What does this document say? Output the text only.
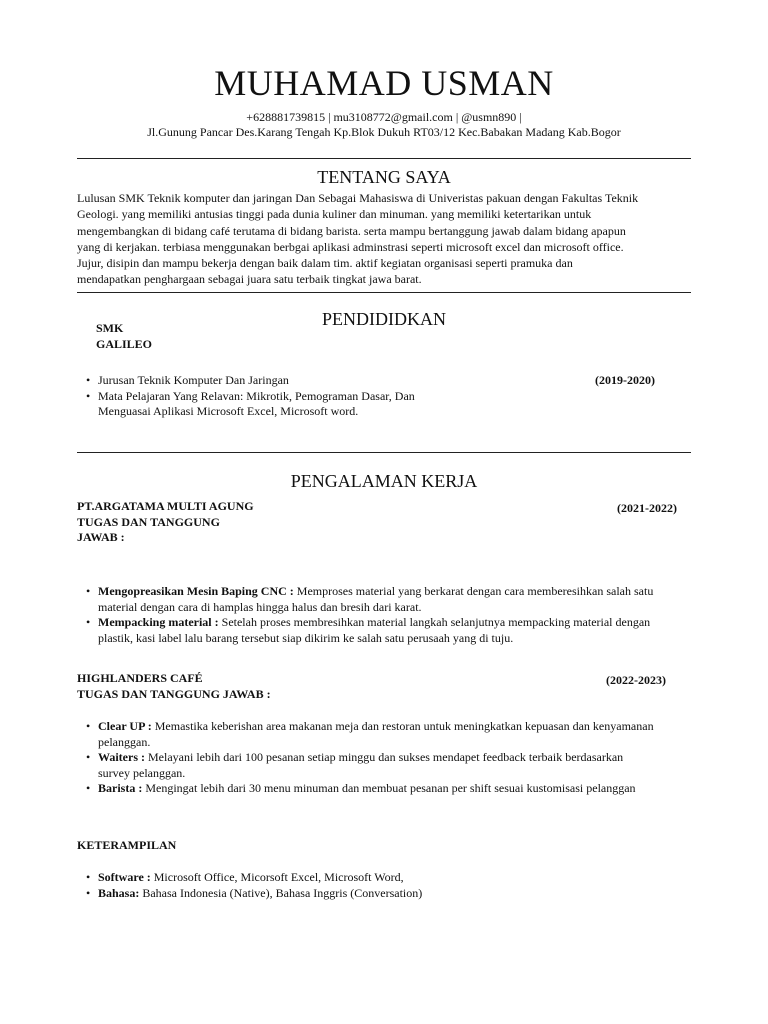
MUHAMAD USMAN
+628881739815 | mu3108772@gmail.com | @usmn890 |
Jl.Gunung Pancar Des.Karang Tengah Kp.Blok Dukuh RT03/12 Kec.Babakan Madang Kab.Bogor
TENTANG SAYA
Lulusan SMK Teknik komputer dan jaringan Dan Sebagai Mahasiswa di Univeristas pakuan dengan Fakultas Teknik
Geologi. yang memiliki antusias tinggi pada dunia kuliner dan minuman. yang memiliki ketertarikan untuk
mengembangkan di bidang café terutama di bidang barista. serta mampu bertanggung jawab dalam bidang apapun
yang di kerjakan. terbiasa menggunakan berbgai aplikasi adminstrasi seperti microsoft excel dan microsoft office.
Jujur, disipin dan mampu bekerja dengan baik dalam tim. aktif kegiatan organisasi seperti pramuka dan
mendapatkan penghargaan sebagai juara satu terbaik tingkat jawa barat.
PENDIDIDKAN
SMK
GALILEO
(2019-2020)
• Jurusan Teknik Komputer Dan Jaringan
• Mata Pelajaran Yang Relavan: Mikrotik, Pemograman Dasar, Dan
Menguasai Aplikasi Microsoft Excel, Microsoft word.
PENGALAMAN KERJA
PT.ARGATAMA MULTI AGUNG
TUGAS DAN TANGGUNG
JAWAB :
(2021-2022)
• Mengopreasikan Mesin Baping CNC : Memproses material yang berkarat dengan cara memberesihkan salah satu
material dengan cara di hamplas hingga halus dan bresih dari karat.
• Mempacking material : Setelah proses membresihkan material langkah selanjutnya mempacking material dengan
plastik, kasi label lalu barang tersebut siap dikirim ke salah satu perusaah yang di tuju.
HIGHLANDERS CAFÉ
TUGAS DAN TANGGUNG JAWAB :
(2022-2023)
• Clear UP : Memastika keberishan area makanan meja dan restoran untuk meningkatkan kepuasan dan kenyamanan
pelanggan.
• Waiters : Melayani lebih dari 100 pesanan setiap minggu dan sukses mendapet feedback terbaik berdasarkan
survey pelanggan.
• Barista : Mengingat lebih dari 30 menu minuman dan membuat pesanan per shift sesuai kustomisasi pelanggan
KETERAMPILAN
• Software : Microsoft Office, Micorsoft Excel, Microsoft Word,
• Bahasa: Bahasa Indonesia (Native), Bahasa Inggris (Conversation)
